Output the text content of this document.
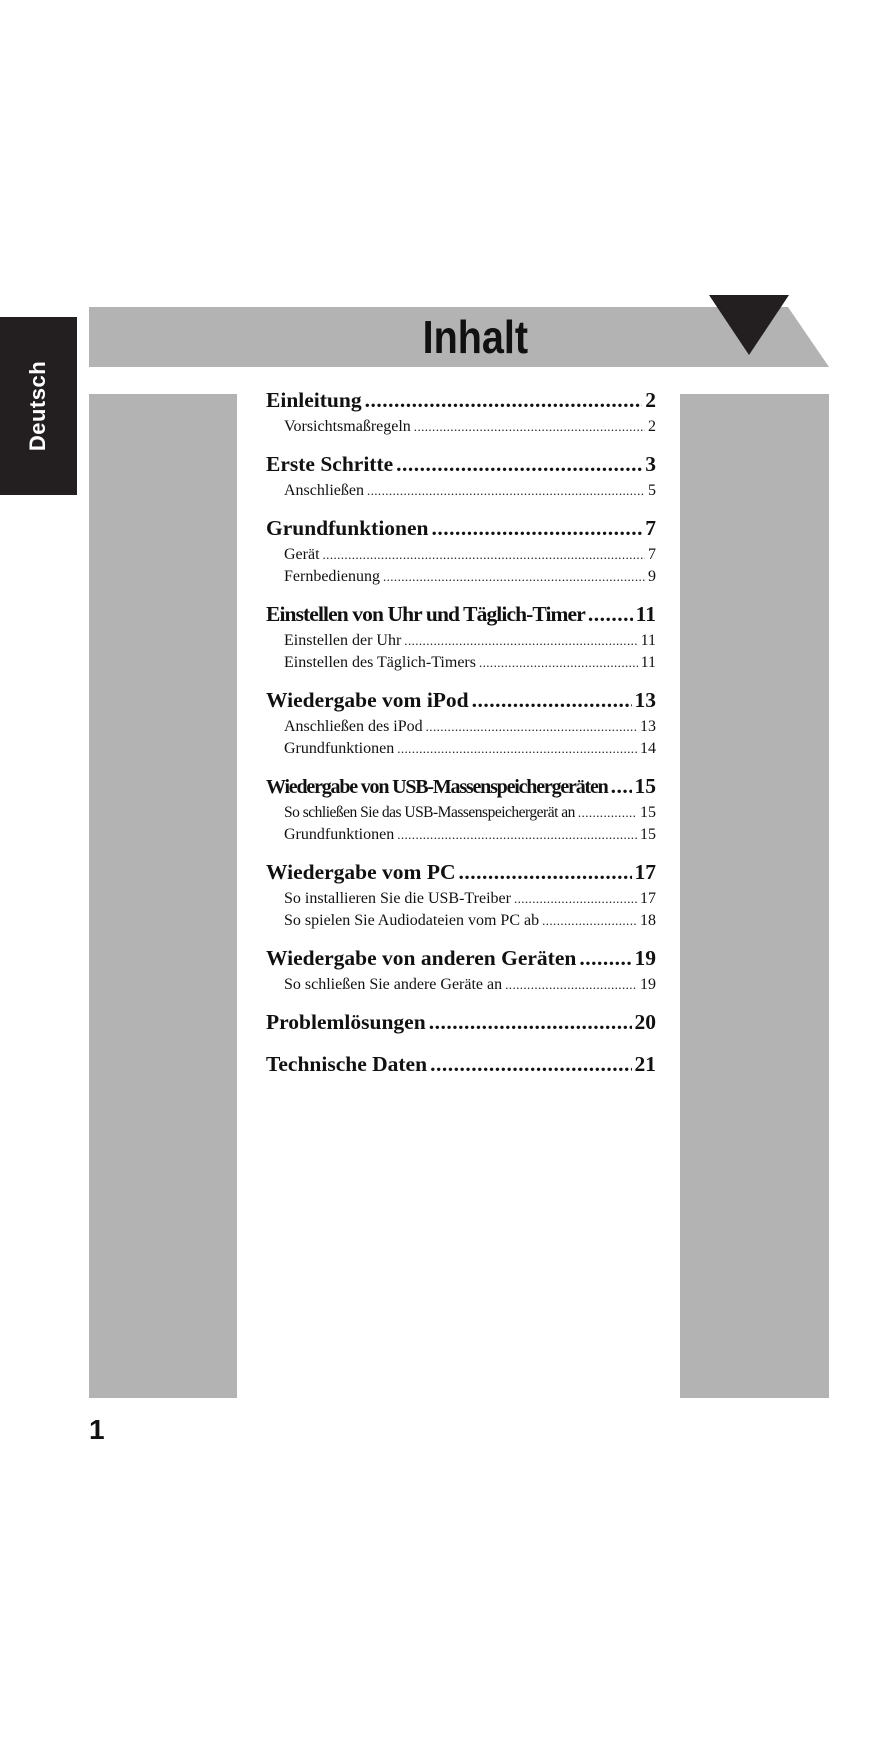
Deutsch
Inhalt
Einleitung .....	2
Vorsichtsmaßregeln .....	2
Erste Schritte .....	3
Anschließen .....	5
Grundfunktionen .....	7
Gerät .....	7
Fernbedienung .....	9
Einstellen von Uhr und Täglich-Timer ..... 11
Einstellen der Uhr .....	11
Einstellen des Täglich-Timers .....	11
Wiedergabe vom iPod .....	13
Anschließen des iPod .....	13
Grundfunktionen .....	14
Wiedergabe von USB-Massenspeichergeräten ..... 15
So schließen Sie das USB-Massenspeichergerät an .....	15
Grundfunktionen .....	15
Wiedergabe vom PC .....	17
So installieren Sie die USB-Treiber .....	17
So spielen Sie Audiodateien vom PC ab .....	18
Wiedergabe von anderen Geräten .....	19
So schließen Sie andere Geräte an .....	19
Problemlösungen .....	20
Technische Daten .....	21
1
